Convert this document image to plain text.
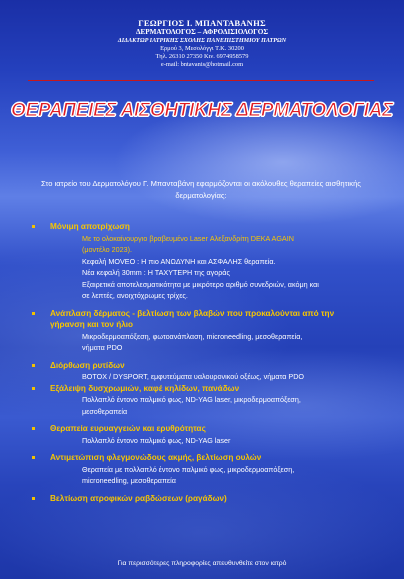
ΓΕΩΡΓΙΟΣ Ι. ΜΠΑΝΤΑΒΑΝΗΣ
ΔΕΡΜΑΤΟΛΟΓΟΣ – ΑΦΡΟΔΙΣΙΟΛΟΓΟΣ
ΔΙΔΑΚΤΩΡ ΙΑΤΡΙΚΗΣ ΣΧΟΛΗΣ ΠΑΝΕΠΙΣΤΗΜΙΟΥ ΠΑΤΡΩΝ
Ερμού 3, Μεσολόγγι Τ.Κ. 30200
Τηλ. 26310 27350 Κιν. 6974958579
e-mail: bntavanis@hotmail.com
ΘΕΡΑΠΕΙΕΣ ΑΙΣΘΗΤΙΚΗΣ ΔΕΡΜΑΤΟΛΟΓΙΑΣ
Στο ιατρείο του Δερματολόγου Γ. Μπανταβάνη εφαρμόζονται οι ακόλουθες θεραπείες αισθητικής δερματολογίας:
Μόνιμη αποτρίχωση
Με το ολοκαίνουργιο βραβευμένο Laser Αλεξανδρίτη DEKA AGAIN
(μοντέλο 2023).
Κεφαλή MOVEO : Η πιο ΑΝΩΔΥΝΗ και ΑΣΦΑΛΗΣ θεραπεία.
Νέα κεφαλή 30mm : Η ΤΑΧΥΤΕΡΗ της αγοράς
Εξαιρετικά αποτελεσματικότητα με μικρότερο αριθμό συνεδριών, ακόμη και
σε λεπτές, ανοιχτόχρωμες τρίχες.
Ανάπλαση δέρματος - βελτίωση των βλαβών που προκαλούνται από την
γήρανση και τον ήλιο
Μικροδερμοαπόξεση, φωτοανάπλαση, microneedling, μεσοθεραπεία,
νήματα PDO
Διόρθωση ρυτίδων
BOTOX / DYSPORT, εμφυτεύματα υαλουρονικού οξέως, νήματα PDO
Εξάλειψη δυσχρωμιών, καφέ κηλίδων, πανάδων
Πολλαπλό έντονο παλμικό φως, ND-YAG laser, μικροδερμοαπόξεση,
μεσοθεραπεία
Θεραπεία ευρυαγγειών και ερυθρότητας
Πολλαπλό έντονο παλμικό φως, ND-YAG laser
Αντιμετώπιση φλεγμονώδους ακμής, βελτίωση ουλών
Θεραπεία με πολλαπλό έντονο παλμικό φως, μικροδερμοαπόξεση,
microneedling, μεσοθεραπεία
Βελτίωση ατροφικών ραβδώσεων (ραγάδων)
Για περισσότερες πληροφορίες απευθυνθείτε στον ιατρό
